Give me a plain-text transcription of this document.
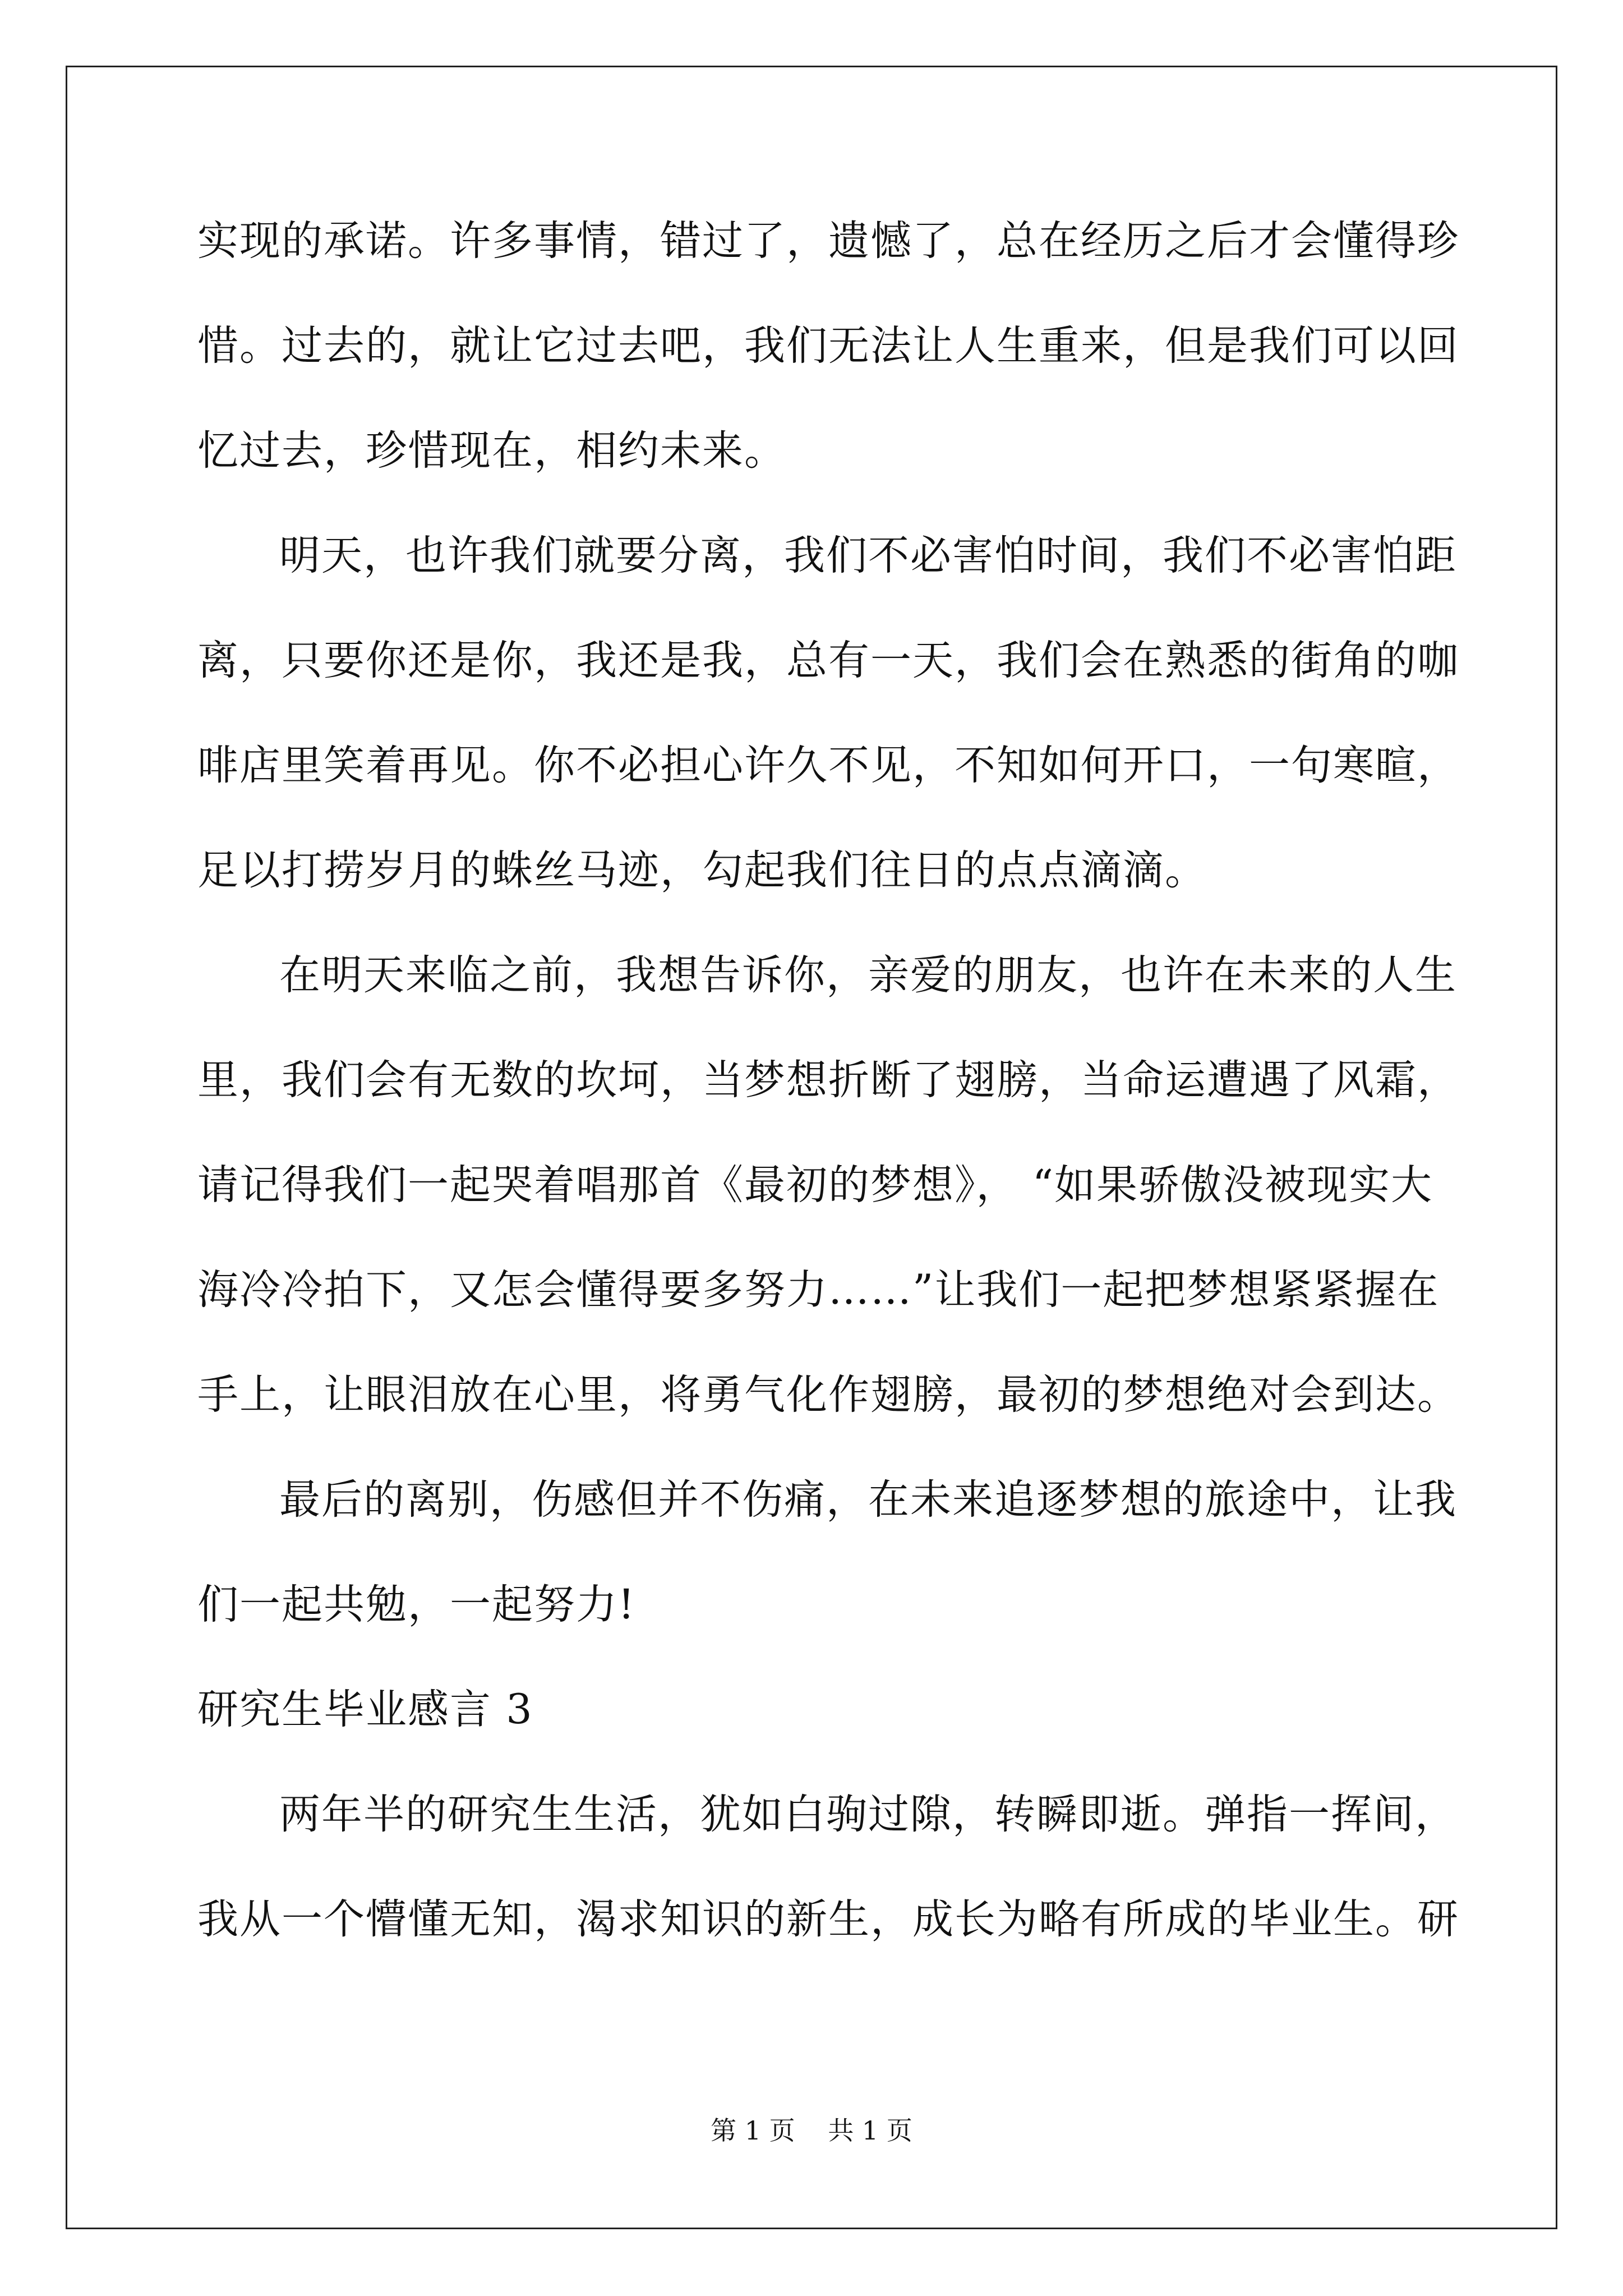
实现的承诺。许多事情，错过了，遗憾了，总在经历之后才会懂得珍
惜。过去的，就让它过去吧，我们无法让人生重来，但是我们可以回
忆过去，珍惜现在，相约未来。
明天，也许我们就要分离，我们不必害怕时间，我们不必害怕距
离，只要你还是你，我还是我，总有一天，我们会在熟悉的街角的咖
啡店里笑着再见。你不必担心许久不见，不知如何开口，一句寒暄，
足以打捞岁月的蛛丝马迹，勾起我们往日的点点滴滴。
在明天来临之前，我想告诉你，亲爱的朋友，也许在未来的人生
里，我们会有无数的坎坷，当梦想折断了翅膀，当命运遭遇了风霜，
请记得我们一起哭着唱那首《最初的梦想》， “如果骄傲没被现实大
海冷冷拍下，又怎会懂得要多努力……”让我们一起把梦想紧紧握在
手上，让眼泪放在心里，将勇气化作翅膀，最初的梦想绝对会到达。
最后的离别，伤感但并不伤痛，在未来追逐梦想的旅途中，让我
们一起共勉，一起努力!
研究生毕业感言 3
两年半的研究生生活，犹如白驹过隙，转瞬即逝。弹指一挥间，
我从一个懵懂无知，渴求知识的新生，成长为略有所成的毕业生。研
第 1 页 共 1 页
